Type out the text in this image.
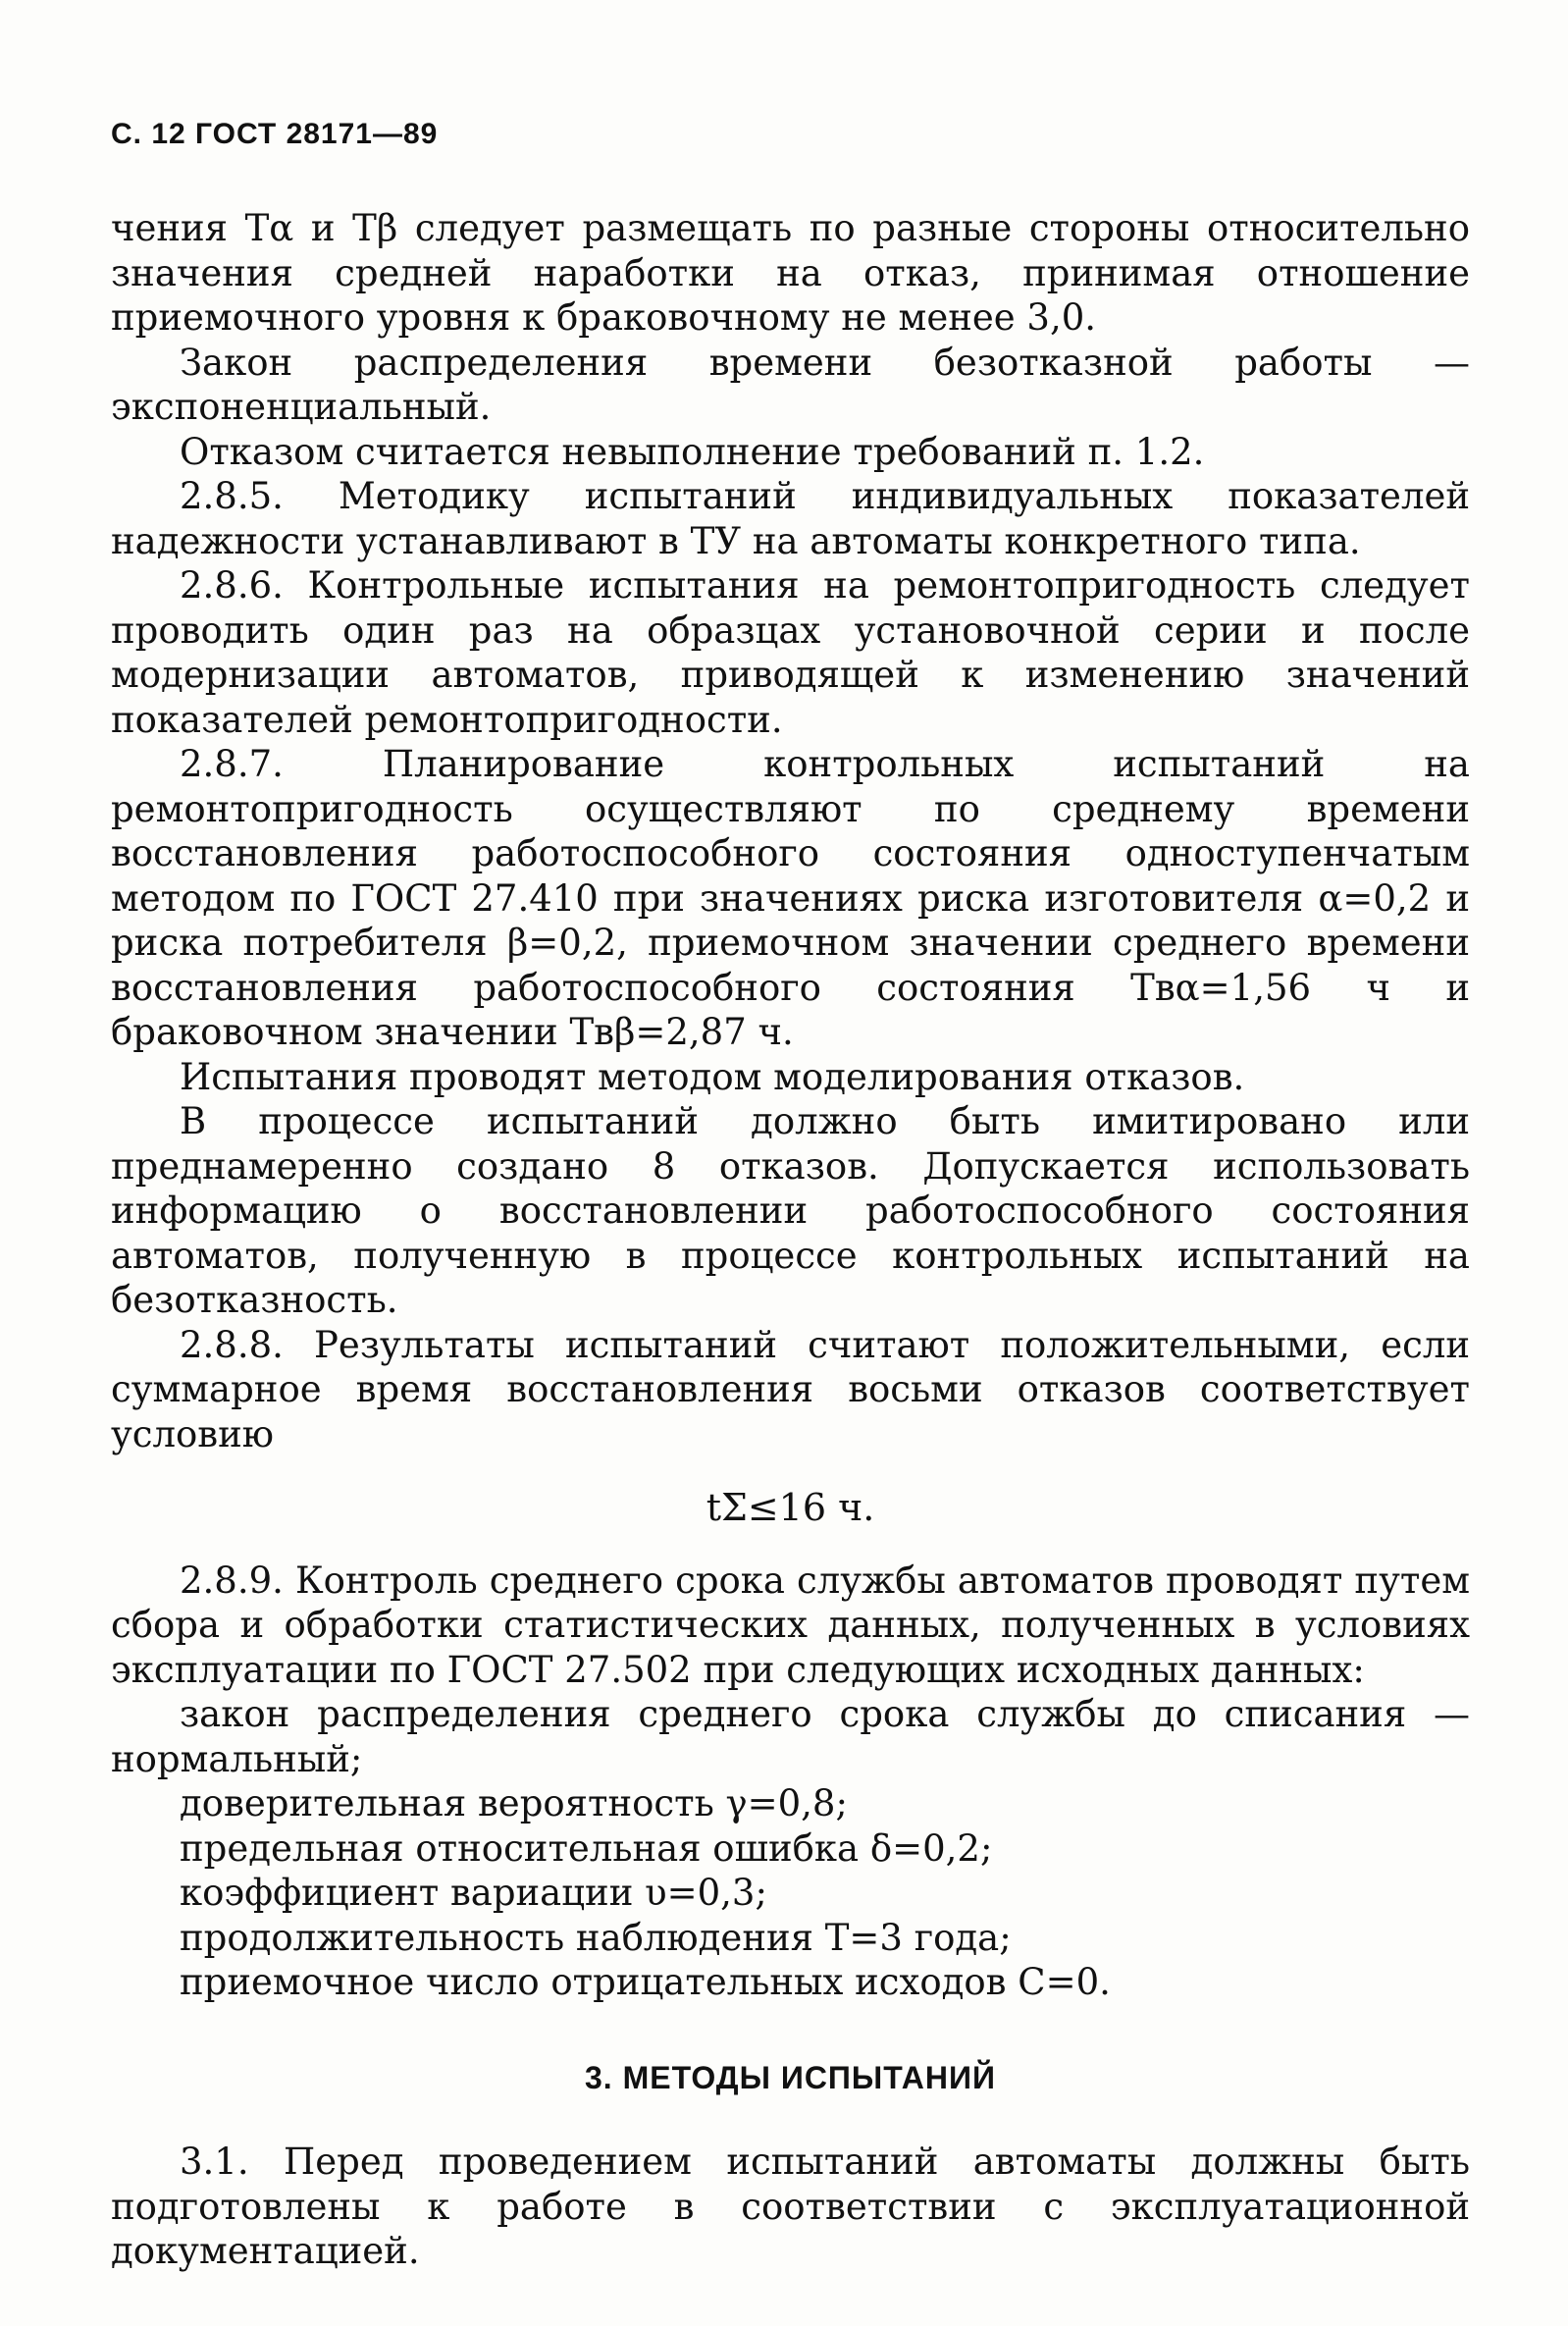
С. 12 ГОСТ 28171—89

чения Tα и Tβ следует размещать по разные стороны относительно значения средней наработки на отказ, принимая отношение приемочного уровня к браковочному не менее 3,0.

Закон распределения времени безотказной работы — экспоненциальный.

Отказом считается невыполнение требований п. 1.2.

2.8.5. Методику испытаний индивидуальных показателей надежности устанавливают в ТУ на автоматы конкретного типа.

2.8.6. Контрольные испытания на ремонтопригодность следует проводить один раз на образцах установочной серии и после модернизации автоматов, приводящей к изменению значений показателей ремонтопригодности.

2.8.7. Планирование контрольных испытаний на ремонтопригодность осуществляют по среднему времени восстановления работоспособного состояния одноступенчатым методом по ГОСТ 27.410 при значениях риска изготовителя α=0,2 и риска потребителя β=0,2, приемочном значении среднего времени восстановления работоспособного состояния Tвα=1,56 ч и браковочном значении Tвβ=2,87 ч.

Испытания проводят методом моделирования отказов.

В процессе испытаний должно быть имитировано или преднамеренно создано 8 отказов. Допускается использовать информацию о восстановлении работоспособного состояния автоматов, полученную в процессе контрольных испытаний на безотказность.

2.8.8. Результаты испытаний считают положительными, если суммарное время восстановления восьми отказов соответствует условию

tΣ≤16 ч.

2.8.9. Контроль среднего срока службы автоматов проводят путем сбора и обработки статистических данных, полученных в условиях эксплуатации по ГОСТ 27.502 при следующих исходных данных:

закон распределения среднего срока службы до списания — нормальный;

доверительная вероятность γ=0,8;

предельная относительная ошибка δ=0,2;

коэффициент вариации υ=0,3;

продолжительность наблюдения T=3 года;

приемочное число отрицательных исходов C=0.

3. МЕТОДЫ ИСПЫТАНИЙ

3.1. Перед проведением испытаний автоматы должны быть подготовлены к работе в соответствии с эксплуатационной документацией.
